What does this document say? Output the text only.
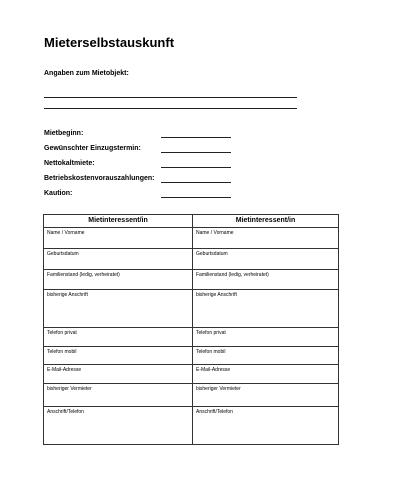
Mieterselbstauskunft
Angaben zum Mietobjekt:
Mietbeginn:
Gewünschter Einzugstermin:
Nettokaltmiete:
Betriebskostenvorauszahlungen:
Kaution:
Mietinteressent/in	Mietinteressent/in
Name / Vorname	Name / Vorname
Geburtsdatum	Geburtsdatum
Familienstand (ledig, verheiratet)	Familienstand (ledig, verheiratet)
bisherige Anschrift	bisherige Anschrift
Telefon privat	Telefon privat
Telefon mobil	Telefon mobil
E-Mail-Adresse	E-Mail-Adresse
bisheriger Vermieter	bisheriger Vermieter
Anschrift/Telefon	Anschrift/Telefon
